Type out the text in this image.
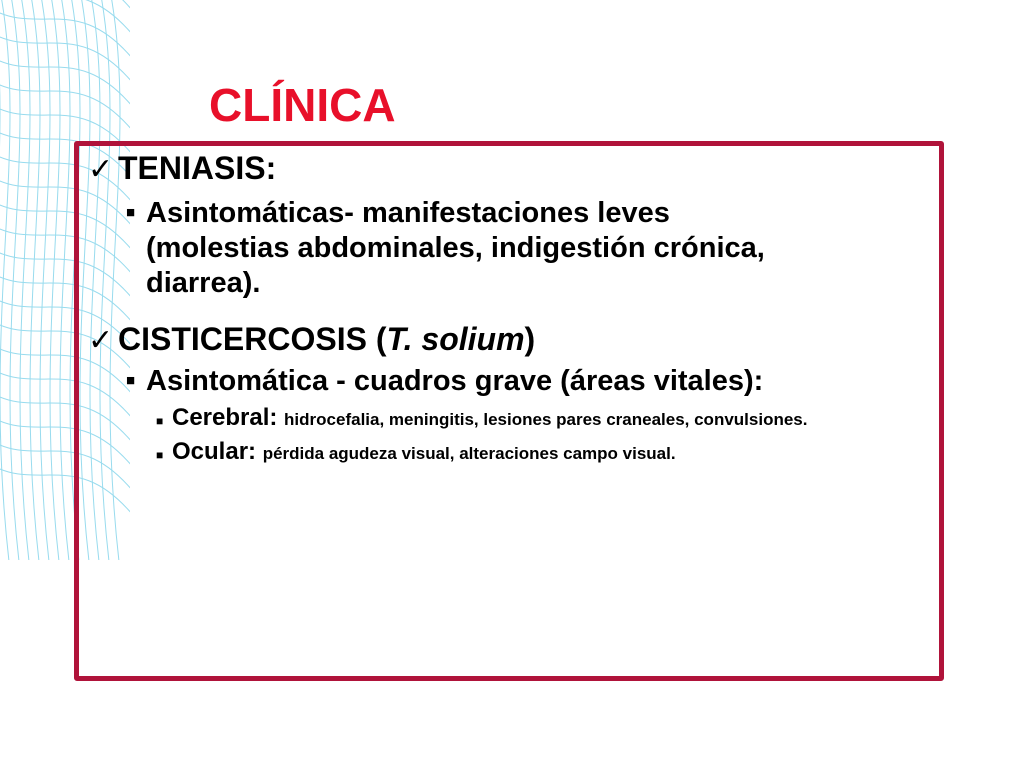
CLÍNICA
✓ TENIASIS:
■ Asintomáticas- manifestaciones leves
(molestias abdominales, indigestión crónica,
diarrea).
✓ CISTICERCOSIS (T. solium)
■ Asintomática - cuadros grave (áreas vitales):
■ Cerebral: hidrocefalia, meningitis, lesiones pares craneales, convulsiones.
■ Ocular: pérdida agudeza visual, alteraciones campo visual.
